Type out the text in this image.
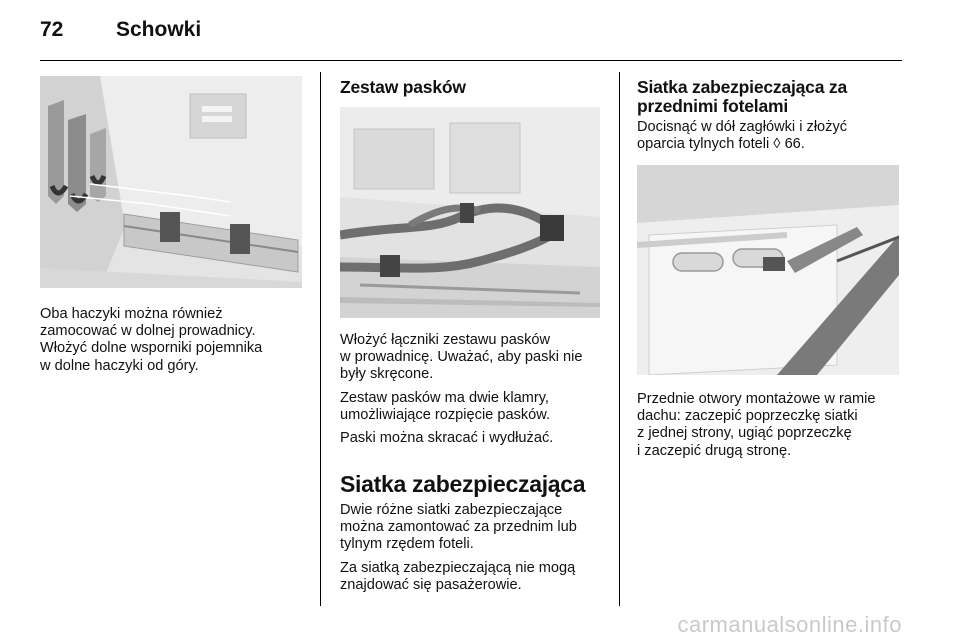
72	Schowki
Oba haczyki można również
zamocować w dolnej prowadnicy.
Włożyć dolne wsporniki pojemnika
w dolne haczyki od góry.
Zestaw pasków

Włożyć łączniki zestawu pasków
w prowadnicę. Uważać, aby paski nie
były skręcone.

Zestaw pasków ma dwie klamry,
umożliwiające rozpięcie pasków.

Paski można skracać i wydłużać.

Siatka zabezpieczająca

Dwie różne siatki zabezpieczające
można zamontować za przednim lub
tylnym rzędem foteli.

Za siatką zabezpieczającą nie mogą
znajdować się pasażerowie.

Siatka zabezpieczająca za
przednimi fotelami
Docisnąć w dół zagłówki i złożyć
oparcia tylnych foteli ◊ 66.
Przednie otwory montażowe w ramie
dachu: zaczepić poprzeczkę siatki
z jednej strony, ugiąć poprzeczkę
i zaczepić drugą stronę.
carmanualsonline.info
